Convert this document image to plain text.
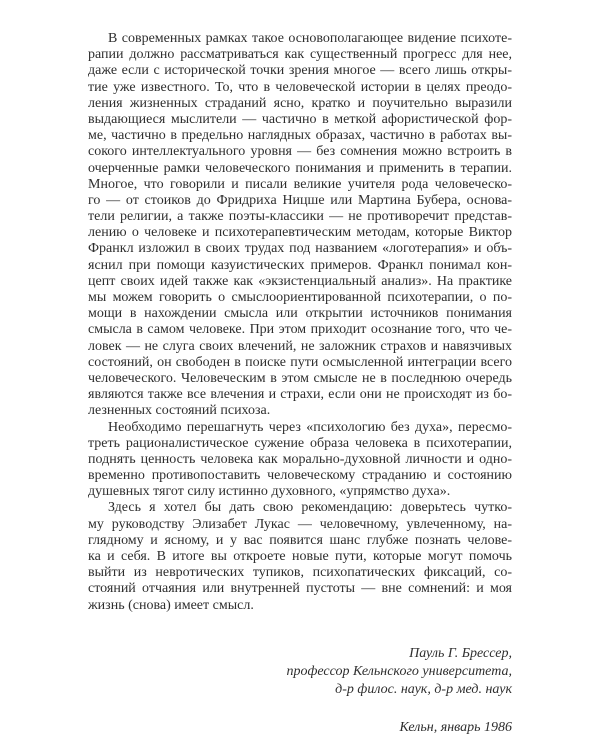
В современных рамках такое основополагающее видение психоте-
рапии должно рассматриваться как существенный прогресс для нее,
даже если с исторической точки зрения многое — всего лишь откры-
тие уже известного. То, что в человеческой истории в целях преодо-
ления жизненных страданий ясно, кратко и поучительно выразили
выдающиеся мыслители — частично в меткой афористической фор-
ме, частично в предельно наглядных образах, частично в работах вы-
сокого интеллектуального уровня — без сомнения можно встроить в
очерченные рамки человеческого понимания и применить в терапии.
Многое, что говорили и писали великие учителя рода человеческо-
го — от стоиков до Фридриха Ницше или Мартина Бубера, основа-
тели религии, а также поэты-классики — не противоречит представ-
лению о человеке и психотерапевтическим методам, которые Виктор
Франкл изложил в своих трудах под названием «логотерапия» и объ-
яснил при помощи казуистических примеров. Франкл понимал кон-
цепт своих идей также как «экзистенциальный анализ». На практике
мы можем говорить о смыслоориентированной психотерапии, о по-
мощи в нахождении смысла или открытии источников понимания
смысла в самом человеке. При этом приходит осознание того, что че-
ловек — не слуга своих влечений, не заложник страхов и навязчивых
состояний, он свободен в поиске пути осмысленной интеграции всего
человеческого. Человеческим в этом смысле не в последнюю очередь
являются также все влечения и страхи, если они не происходят из бо-
лезненных состояний психоза.
Необходимо перешагнуть через «психологию без духа», пересмо-
треть рационалистическое сужение образа человека в психотерапии,
поднять ценность человека как морально-духовной личности и одно-
временно противопоставить человеческому страданию и состоянию
душевных тягот силу истинно духовного, «упрямство духа».
Здесь я хотел бы дать свою рекомендацию: доверьтесь чутко-
му руководству Элизабет Лукас — человечному, увлеченному, на-
глядному и ясному, и у вас появится шанс глубже познать челове-
ка и себя. В итоге вы откроете новые пути, которые могут помочь
выйти из невротических тупиков, психопатических фиксаций, со-
стояний отчаяния или внутренней пустоты — вне сомнений: и моя
жизнь (снова) имеет смысл.
Пауль Г. Брессер,
профессор Кельнского университета,
д-р филос. наук, д-р мед. наук
Кельн, январь 1986
